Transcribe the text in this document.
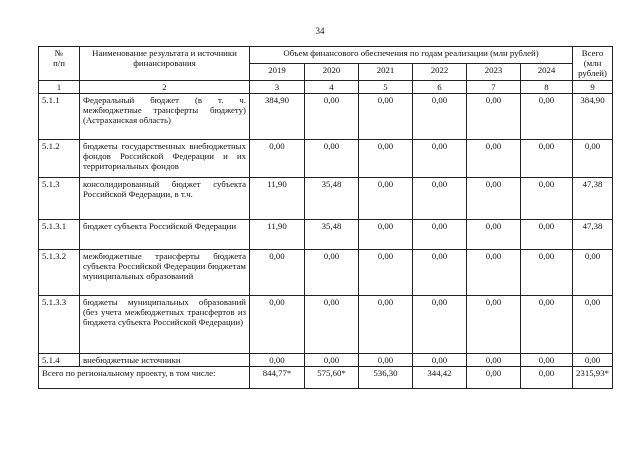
34
№
п/п	Наименование результата и источники финансирования	Объем финансового обеспечения по годам реализации (млн рублей)						Всего (млн рублей)
		2019	2020	2021	2022	2023	2024	
1	2	3	4	5	6	7	8	9
5.1.1	Федеральный бюджет (в т. ч. межбюджетные трансферты бюджету) (Астраханская область)	384,90	0,00	0,00	0,00	0,00	0,00	384,90
5.1.2	бюджеты государственных внебюджетных фондов Российской Федерации и их территориальных фондов	0,00	0,00	0,00	0,00	0,00	0,00	0,00
5.1.3	консолидированный бюджет субъекта Российской Федерации, в т.ч.	11,90	35,48	0,00	0,00	0,00	0,00	47,38
5.1.3.1	бюджет субъекта Российской Федерации	11,90	35,48	0,00	0,00	0,00	0,00	47,38
5.1.3.2	межбюджетные трансферты бюджета субъекта Российской Федерации бюджетам муниципальных образований	0,00	0,00	0,00	0,00	0,00	0,00	0,00
5.1.3.3	бюджеты муниципальных образований (без учета межбюджетных трансфертов из бюджета субъекта Российской Федерации)	0,00	0,00	0,00	0,00	0,00	0,00	0,00
5.1.4	внебюджетные источники	0,00	0,00	0,00	0,00	0,00	0,00	0,00
Всего по региональному проекту, в том числе:		844,77*	575,60*	536,30	344,42	0,00	0,00	2315,93*
